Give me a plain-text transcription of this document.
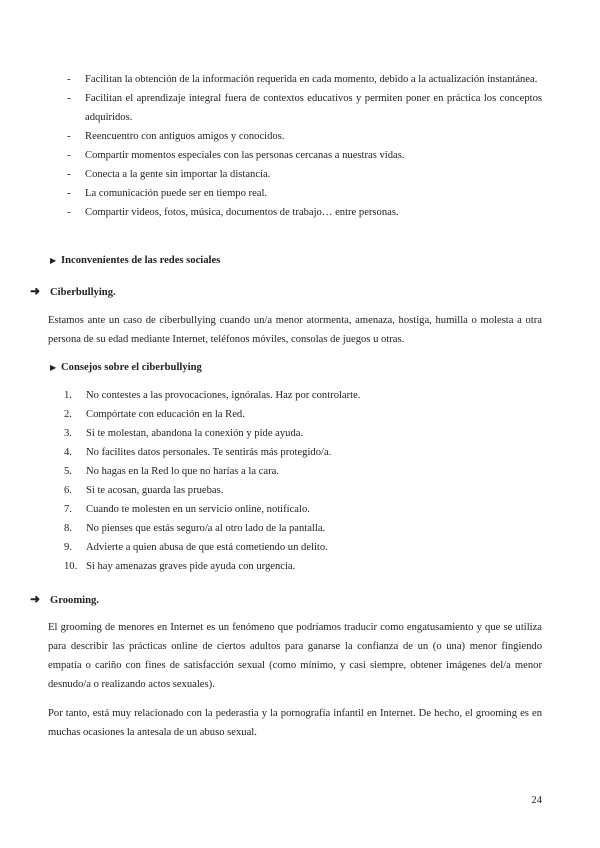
- Facilitan la obtención de la información requerida en cada momento, debido a la actualización instantánea.
- Facilitan el aprendizaje integral fuera de contextos educativos y permiten poner en práctica los conceptos adquiridos.
- Reencuentro con antiguos amigos y conocidos.
- Compartir momentos especiales con las personas cercanas a nuestras vidas.
- Conecta a la gente sin importar la distancia.
- La comunicación puede ser en tiempo real.
- Compartir videos, fotos, música, documentos de trabajo… entre personas.
▶ Inconvenientes de las redes sociales
➜ Ciberbullying.
Estamos ante un caso de ciberbullying cuando un/a menor atormenta, amenaza, hostiga, humilla o molesta a otra persona de su edad mediante Internet, teléfonos móviles, consolas de juegos u otras.
▶ Consejos sobre el ciberbullying
1. No contestes a las provocaciones, ignóralas. Haz por controlarte.
2. Compórtate con educación en la Red.
3. Si te molestan, abandona la conexión y pide ayuda.
4. No facilites datos personales. Te sentirás más protegido/a.
5. No hagas en la Red lo que no harías a la cara.
6. Si te acosan, guarda las pruebas.
7. Cuando te molesten en un servicio online, notifícalo.
8. No pienses que estás seguro/a al otro lado de la pantalla.
9. Advierte a quien abusa de que está cometiendo un delito.
10. Si hay amenazas graves pide ayuda con urgencia.
➜ Grooming.
El grooming de menores en Internet es un fenómeno que podríamos traducir como engatusamiento y que se utiliza para describir las prácticas online de ciertos adultos para ganarse la confianza de un (o una) menor fingiendo empatía o cariño con fines de satisfacción sexual (como mínimo, y casi siempre, obtener imágenes del/a menor desnudo/a o realizando actos sexuales).
Por tanto, está muy relacionado con la pederastia y la pornografía infantil en Internet. De hecho, el grooming es en muchas ocasiones la antesala de un abuso sexual.
24
